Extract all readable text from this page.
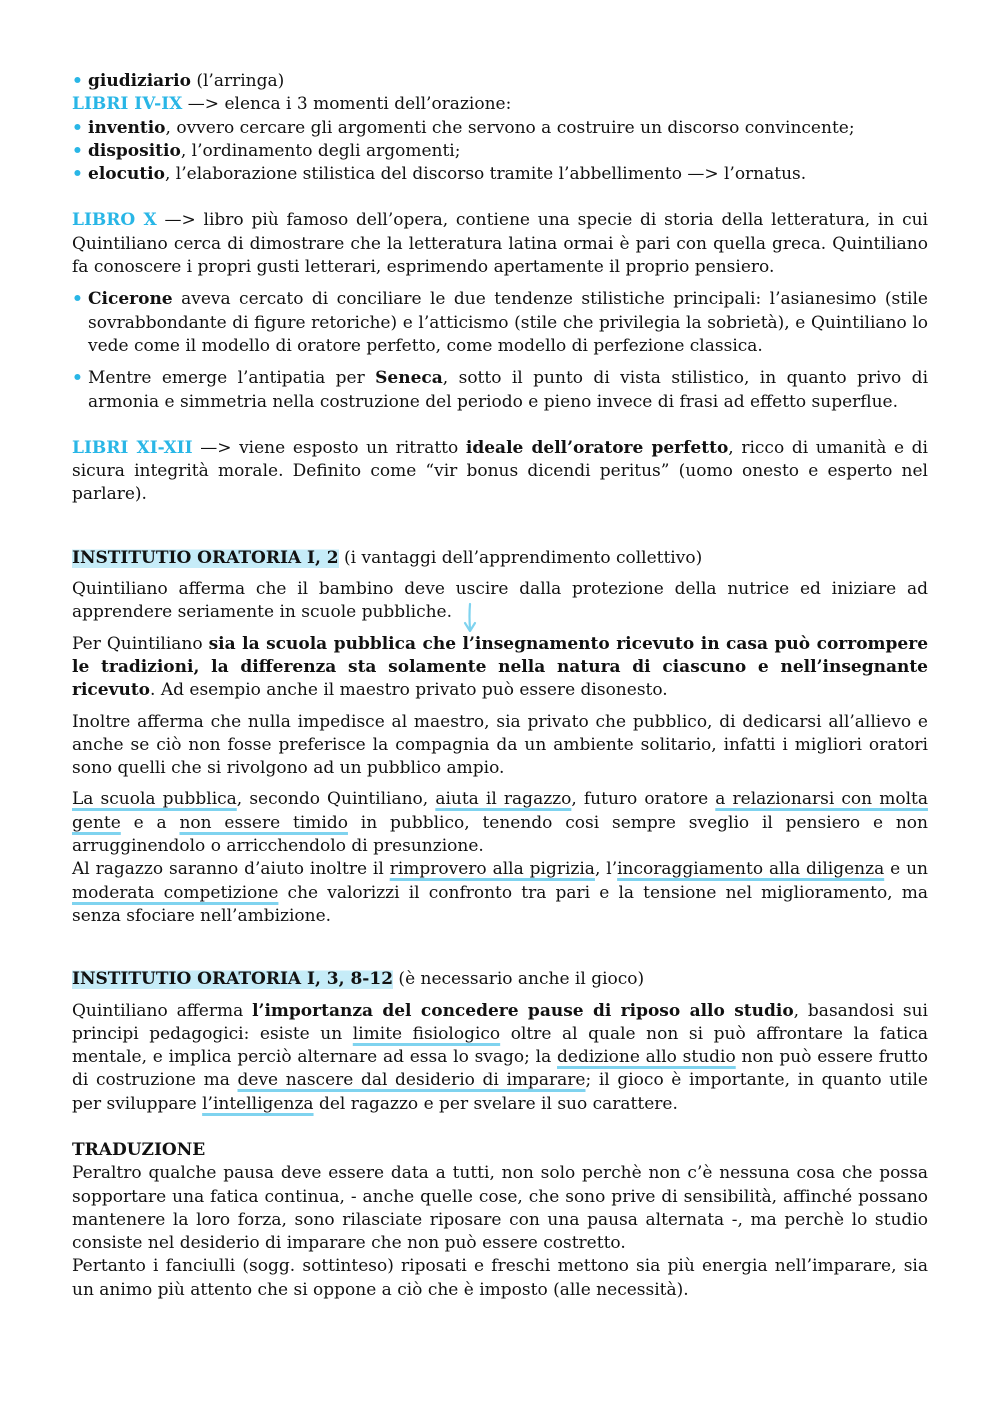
• giudiziario (l’arringa)

LIBRI IV-IX —> elenca i 3 momenti dell’orazione:

• inventio, ovvero cercare gli argomenti che servono a costruire un discorso convincente;
• dispositio, l’ordinamento degli argomenti;
• elocutio, l’elaborazione stilistica del discorso tramite l’abbellimento —> l’ornatus.

LIBRO X —> libro più famoso dell’opera, contiene una specie di storia della letteratura, in cui Quintiliano cerca di dimostrare che la letteratura latina ormai è pari con quella greca. Quintiliano fa conoscere i propri gusti letterari, esprimendo apertamente il proprio pensiero.

• Cicerone aveva cercato di conciliare le due tendenze stilistiche principali: l’asianesimo (stile sovrabbondante di figure retoriche) e l’atticismo (stile che privilegia la sobrietà), e Quintiliano lo vede come il modello di oratore perfetto, come modello di perfezione classica.
• Mentre emerge l’antipatia per Seneca, sotto il punto di vista stilistico, in quanto privo di armonia e simmetria nella costruzione del periodo e pieno invece di frasi ad effetto superflue.

LIBRI XI-XII —> viene esposto un ritratto ideale dell’oratore perfetto, ricco di umanità e di sicura integrità morale. Definito come “vir bonus dicendi peritus” (uomo onesto e esperto nel parlare).

INSTITUTIO ORATORIA I, 2 (i vantaggi dell’apprendimento collettivo)

Quintiliano afferma che il bambino deve uscire dalla protezione della nutrice ed iniziare ad apprendere seriamente in scuole pubbliche.

Per Quintiliano sia la scuola pubblica che l’insegnamento ricevuto in casa può corrompere le tradizioni, la differenza sta solamente nella natura di ciascuno e nell’insegnante ricevuto. Ad esempio anche il maestro privato può essere disonesto.

Inoltre afferma che nulla impedisce al maestro, sia privato che pubblico, di dedicarsi all’allievo e anche se ciò non fosse preferisce la compagnia da un ambiente solitario, infatti i migliori oratori sono quelli che si rivolgono ad un pubblico ampio.

La scuola pubblica, secondo Quintiliano, aiuta il ragazzo, futuro oratore a relazionarsi con molta gente e a non essere timido in pubblico, tenendo cosi sempre sveglio il pensiero e non arrugginendolo o arricchendolo di presunzione.

Al ragazzo saranno d’aiuto inoltre il rimprovero alla pigrizia, l’incoraggiamento alla diligenza e un moderata competizione che valorizzi il confronto tra pari e la tensione nel miglioramento, ma senza sfociare nell’ambizione.

INSTITUTIO ORATORIA I, 3, 8-12 (è necessario anche il gioco)

Quintiliano afferma l’importanza del concedere pause di riposo allo studio, basandosi sui principi pedagogici: esiste un limite fisiologico oltre al quale non si può affrontare la fatica mentale, e implica perciò alternare ad essa lo svago; la dedizione allo studio non può essere frutto di costruzione ma deve nascere dal desiderio di imparare; il gioco è importante, in quanto utile per sviluppare l’intelligenza del ragazzo e per svelare il suo carattere.

TRADUZIONE

Peraltro qualche pausa deve essere data a tutti, non solo perchè non c’è nessuna cosa che possa sopportare una fatica continua, - anche quelle cose, che sono prive di sensibilità, affinché possano mantenere la loro forza, sono rilasciate riposare con una pausa alternata -, ma perchè lo studio consiste nel desiderio di imparare che non può essere costretto.

Pertanto i fanciulli (sogg. sottinteso) riposati e freschi mettono sia più energia nell’imparare, sia un animo più attento che si oppone a ciò che è imposto (alle necessità).
